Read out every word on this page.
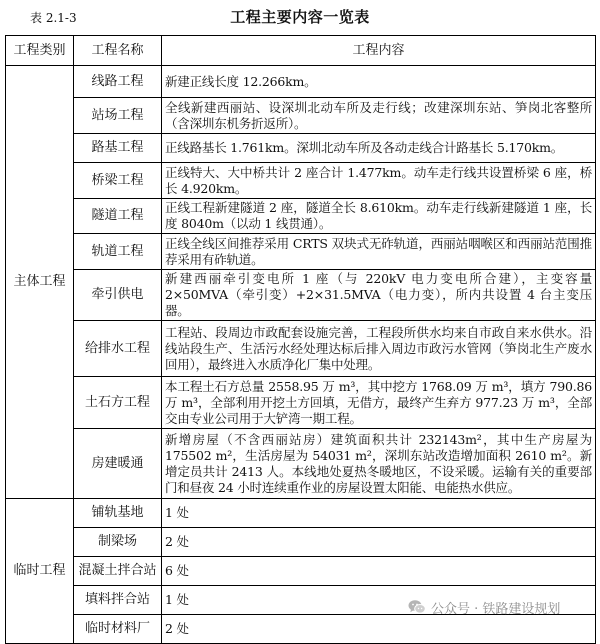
表 2.1-3	工程主要内容一览表
工程类别	工程名称	工程内容
主体工程	线路工程	新建正线长度 12.266km。
	站场工程	全线新建西丽站、设深圳北动车所及走行线；改建深圳东站、笋岗北客整所（含深圳东机务折返所）。
	路基工程	正线路基长 1.761km。深圳北动车所及各动走线合计路基长 5.170km。
	桥梁工程	正线特大、大中桥共计 2 座合计 1.477km。动车走行线共设置桥梁 6 座，桥长 4.920km。
	隧道工程	正线工程新建隧道 2 座，隧道全长 8.610km。动车走行线新建隧道 1 座，长度 8040m（以动 1 线贯通）。
	轨道工程	正线全线区间推荐采用 CRTS 双块式无砟轨道，西丽站咽喉区和西丽站范围推荐采用有砟轨道。
	牵引供电	新建西丽牵引变电所 1 座（与 220kV 电力变电所合建），主变容量 2×50MVA（牵引变）+2×31.5MVA（电力变），所内共设置 4 台主变压器。
	给排水工程	工程站、段周边市政配套设施完善，工程段所供水均来自市政自来水供水。沿线站段生产、生活污水经处理达标后排入周边市政污水管网（笋岗北生产废水回用），最终进入水质净化厂集中处理。
	土石方工程	本工程土石方总量 2558.95 万 m³，其中挖方 1768.09 万 m³，填方 790.86 万 m³，全部利用开挖土方回填，无借方，最终产生弃方 977.23 万 m³，全部交由专业公司用于大铲湾一期工程。
	房建暖通	新增房屋（不含西丽站房）建筑面积共计 232143m²，其中生产房屋为 175502 m²，生活房屋为 54031 m²，深圳东站改造增加面积 2610 m²。新增定员共计 2413 人。本线地处夏热冬暖地区，不设采暖。运输有关的重要部门和昼夜 24 小时连续重作业的房屋设置太阳能、电能热水供应。
临时工程	铺轨基地	1 处
	制梁场	2 处
	混凝土拌合站	6 处
	填料拌合站	1 处
	临时材料厂	2 处
公众号 · 铁路建设规划
